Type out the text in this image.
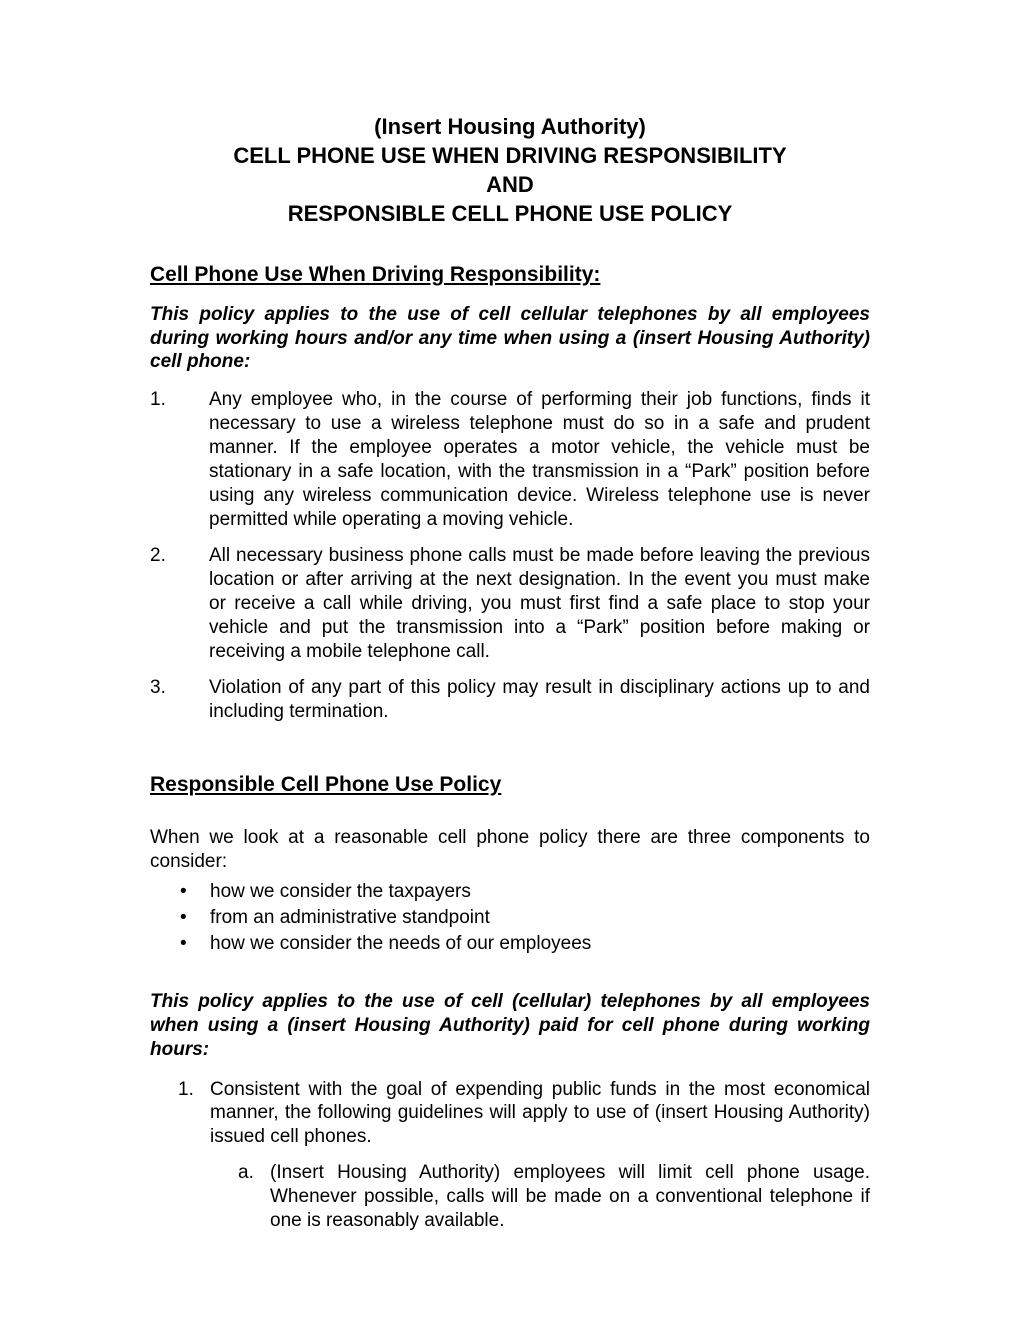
(Insert Housing Authority)
CELL PHONE USE WHEN DRIVING RESPONSIBILITY
AND
RESPONSIBLE CELL PHONE USE POLICY
Cell Phone Use When Driving Responsibility:
This policy applies to the use of cell cellular telephones by all employees during working hours and/or any time when using a (insert Housing Authority) cell phone:
1.	Any employee who, in the course of performing their job functions, finds it necessary to use a wireless telephone must do so in a safe and prudent manner. If the employee operates a motor vehicle, the vehicle must be stationary in a safe location, with the transmission in a “Park” position before using any wireless communication device. Wireless telephone use is never permitted while operating a moving vehicle.
2.	All necessary business phone calls must be made before leaving the previous location or after arriving at the next designation. In the event you must make or receive a call while driving, you must first find a safe place to stop your vehicle and put the transmission into a “Park” position before making or receiving a mobile telephone call.
3.	Violation of any part of this policy may result in disciplinary actions up to and including termination.
Responsible Cell Phone Use Policy
When we look at a reasonable cell phone policy there are three components to consider:
•	how we consider the taxpayers
•	from an administrative standpoint
•	how we consider the needs of our employees
This policy applies to the use of cell (cellular) telephones by all employees when using a (insert Housing Authority) paid for cell phone during working hours:
1. Consistent with the goal of expending public funds in the most economical manner, the following guidelines will apply to use of (insert Housing Authority) issued cell phones.
a. (Insert Housing Authority) employees will limit cell phone usage. Whenever possible, calls will be made on a conventional telephone if one is reasonably available.
